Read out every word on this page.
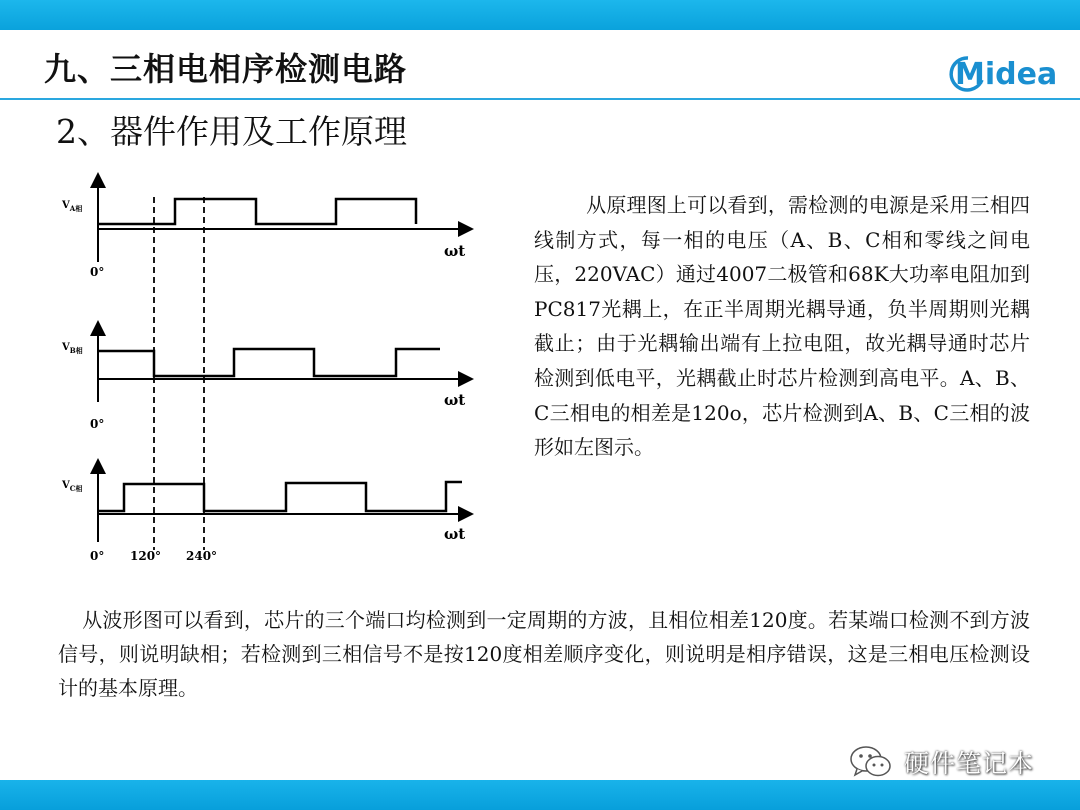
九、三相电相序检测电路	Midea
2、器件作用及工作原理
$V_{A相}$
ωt
0°
$V_{B相}$
ωt
0°
$V_{C相}$
ωt
0° 120° 240°
从原理图上可以看到，需检测的电源是采用三相四线制方式，每一相的电压（A、B、C相和零线之间电压，220VAC）通过4007二极管和68K大功率电阻加到PC817光耦上，在正半周期光耦导通，负半周期则光耦截止；由于光耦输出端有上拉电阻，故光耦导通时芯片检测到低电平，光耦截止时芯片检测到高电平。A、B、C三相电的相差是120o，芯片检测到A、B、C三相的波形如左图示。
从波形图可以看到，芯片的三个端口均检测到一定周期的方波，且相位相差120度。若某端口检测不到方波信号，则说明缺相；若检测到三相信号不是按120度相差顺序变化，则说明是相序错误，这是三相电压检测设计的基本原理。
硬件笔记本
